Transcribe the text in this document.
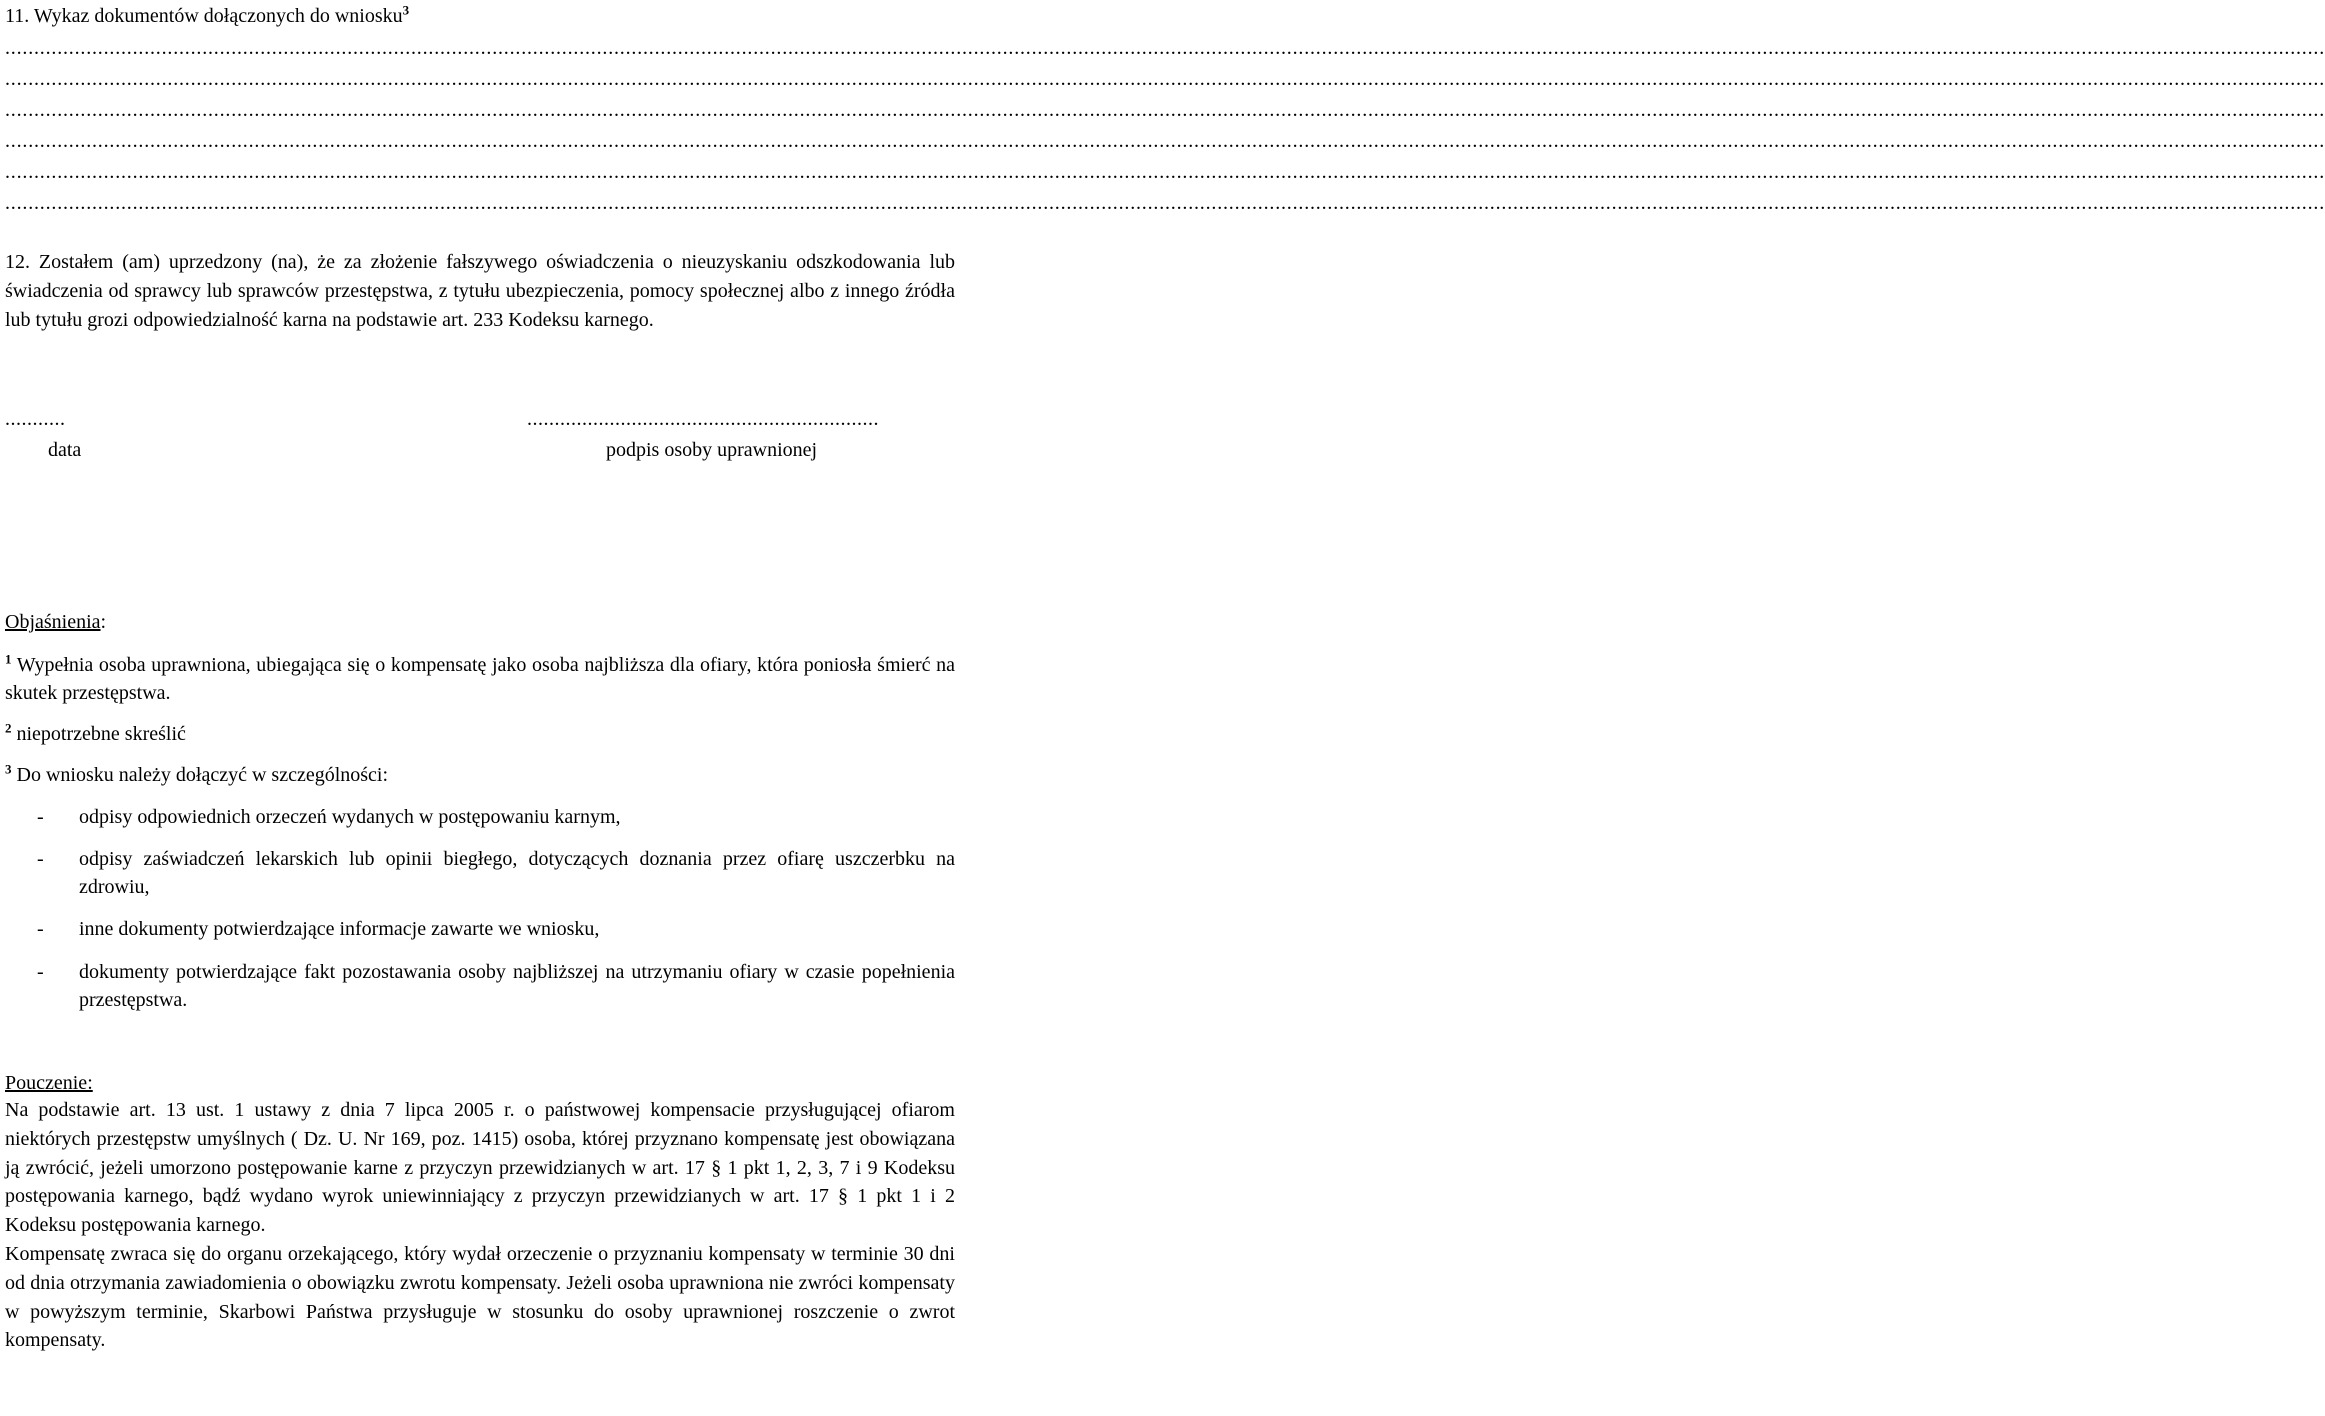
11. Wykaz dokumentów dołączonych do wniosku$^3$
................................................................................................................................................................................................................................................................................................................................................................................................................
................................................................................................................................................................................................................................................................................................................................................................................................................
................................................................................................................................................................................................................................................................................................................................................................................................................
................................................................................................................................................................................................................................................................................................................................................................................................................
................................................................................................................................................................................................................................................................................................................................................................................................................
................................................................................................................................................................................................................................................................................................................................................................................................................
12. Zostałem (am) uprzedzony (na), że za złożenie fałszywego oświadczenia o nieuzyskaniu odszkodowania lub świadczenia od sprawcy lub sprawców przestępstwa, z tytułu ubezpieczenia, pomocy społecznej albo z innego źródła lub tytułu grozi odpowiedzialność karna na podstawie art. 233 Kodeksu karnego.
...........	................................................................
data	podpis osoby uprawnionej
Objaśnienia:
$^1$ Wypełnia osoba uprawniona, ubiegająca się o kompensatę jako osoba najbliższa dla ofiary, która poniosła śmierć na skutek przestępstwa.
$^2$ niepotrzebne skreślić
$^3$ Do wniosku należy dołączyć w szczególności:
- odpisy odpowiednich orzeczeń wydanych w postępowaniu karnym,
- odpisy zaświadczeń lekarskich lub opinii biegłego, dotyczących doznania przez ofiarę uszczerbku na zdrowiu,
- inne dokumenty potwierdzające informacje zawarte we wniosku,
- dokumenty potwierdzające fakt pozostawania osoby najbliższej na utrzymaniu ofiary w czasie popełnienia przestępstwa.
Pouczenie:

Na podstawie art. 13 ust. 1 ustawy z dnia 7 lipca 2005 r. o państwowej kompensacie przysługującej ofiarom niektórych przestępstw umyślnych ( Dz. U. Nr 169, poz. 1415) osoba, której przyznano kompensatę jest obowiązana ją zwrócić, jeżeli umorzono postępowanie karne z przyczyn przewidzianych w art. 17 § 1 pkt 1, 2, 3, 7 i 9 Kodeksu postępowania karnego, bądź wydano wyrok uniewinniający z przyczyn przewidzianych w art. 17 § 1 pkt 1 i 2 Kodeksu postępowania karnego.

Kompensatę zwraca się do organu orzekającego, który wydał orzeczenie o przyznaniu kompensaty w terminie 30 dni od dnia otrzymania zawiadomienia o obowiązku zwrotu kompensaty. Jeżeli osoba uprawniona nie zwróci kompensaty w powyższym terminie, Skarbowi Państwa przysługuje w stosunku do osoby uprawnionej roszczenie o zwrot kompensaty.
